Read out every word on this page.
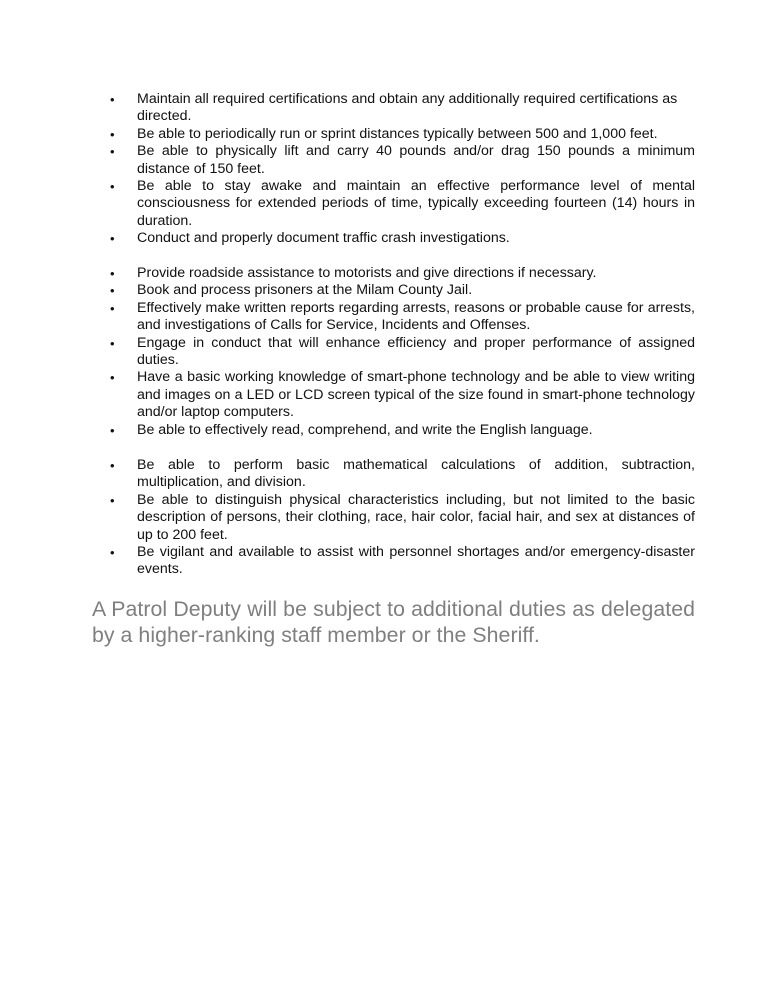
• Maintain all required certifications and obtain any additionally required certifications as directed.
• Be able to periodically run or sprint distances typically between 500 and 1,000 feet.
• Be able to physically lift and carry 40 pounds and/or drag 150 pounds a minimum distance of 150 feet.
• Be able to stay awake and maintain an effective performance level of mental consciousness for extended periods of time, typically exceeding fourteen (14) hours in duration.
• Conduct and properly document traffic crash investigations.
• Provide roadside assistance to motorists and give directions if necessary.
• Book and process prisoners at the Milam County Jail.
• Effectively make written reports regarding arrests, reasons or probable cause for arrests, and investigations of Calls for Service, Incidents and Offenses.
• Engage in conduct that will enhance efficiency and proper performance of assigned duties.
• Have a basic working knowledge of smart-phone technology and be able to view writing and images on a LED or LCD screen typical of the size found in smart-phone technology and/or laptop computers.
• Be able to effectively read, comprehend, and write the English language.
• Be able to perform basic mathematical calculations of addition, subtraction, multiplication, and division.
• Be able to distinguish physical characteristics including, but not limited to the basic description of persons, their clothing, race, hair color, facial hair, and sex at distances of up to 200 feet.
• Be vigilant and available to assist with personnel shortages and/or emergency-disaster events.

A Patrol Deputy will be subject to additional duties as delegated by a higher-ranking staff member or the Sheriff.
